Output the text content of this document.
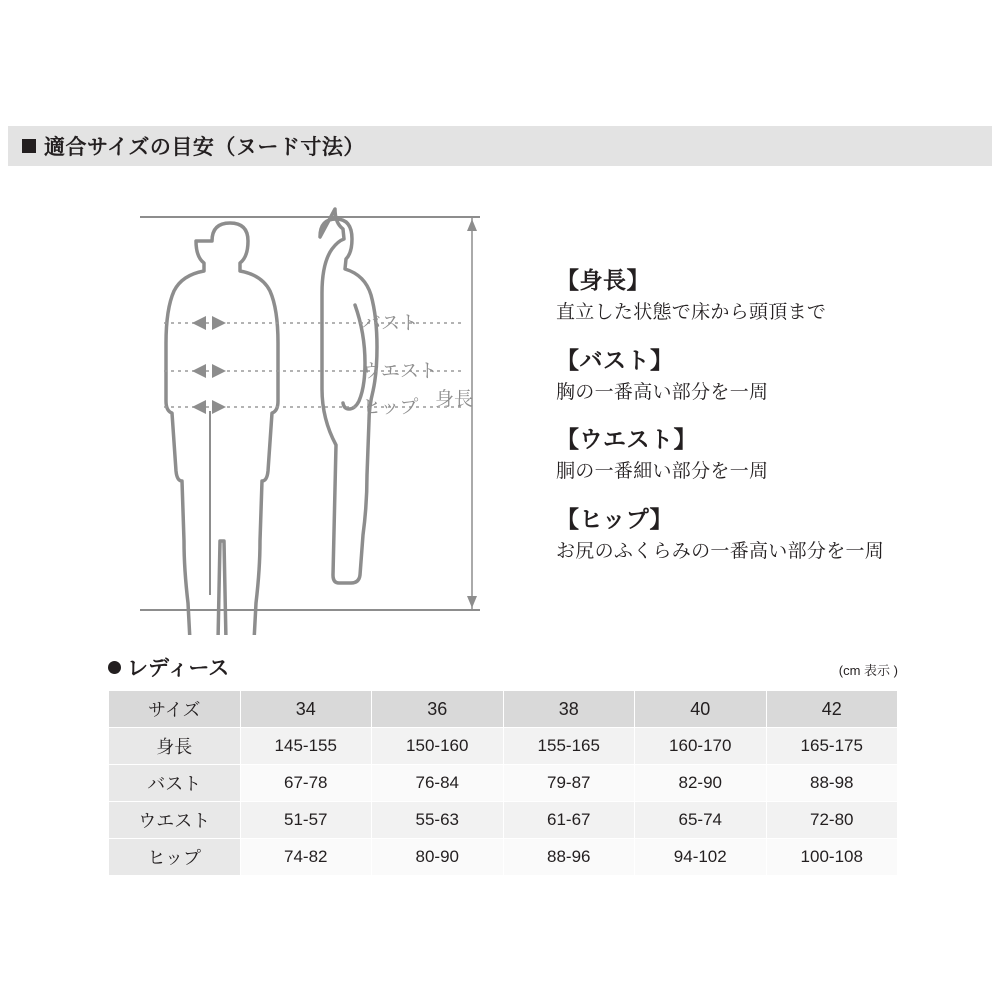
適合サイズの目安（ヌード寸法）
バスト
ウエスト
ヒップ 身長
【身長】
直立した状態で床から頭頂まで
【バスト】
胸の一番高い部分を一周
【ウエスト】
胴の一番細い部分を一周
【ヒップ】
お尻のふくらみの一番高い部分を一周
レディース	(cm 表示 )
サイズ	34	36	38	40	42
身長	145-155	150-160	155-165	160-170	165-175
バスト	67-78	76-84	79-87	82-90	88-98
ウエスト	51-57	55-63	61-67	65-74	72-80
ヒップ	74-82	80-90	88-96	94-102	100-108
